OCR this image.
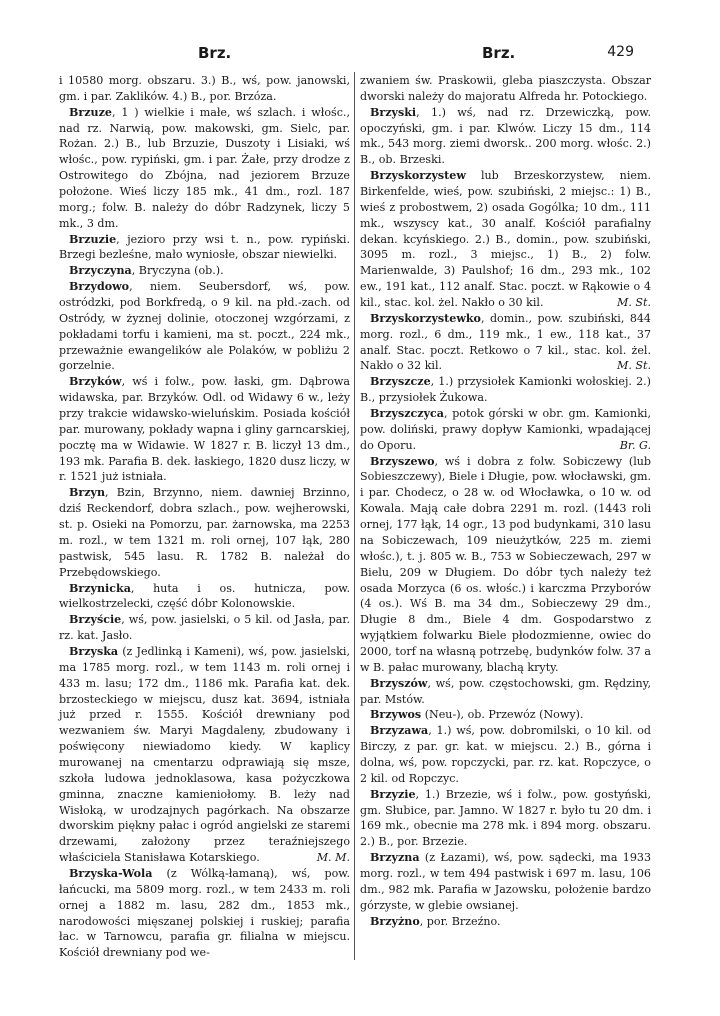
Brz.	Brz.	429

i 10580 morg. obszaru. 3.) B., wś, pow. janowski, gm. i par. Zaklików. 4.) B., por. Brzóza.

Brzuze, 1 ) wielkie i małe, wś szlach. i włośc., nad rz. Narwią, pow. makowski, gm. Sielc, par. Rożan. 2.) B., lub Brzuzie, Duszoty i Lisiaki, wś włośc., pow. rypiński, gm. i par. Żałe, przy drodze z Ostrowitego do Zbójna, nad jeziorem Brzuze położone. Wieś liczy 185 mk., 41 dm., rozl. 187 morg.; folw. B. należy do dóbr Radzynek, liczy 5 mk., 3 dm.

Brzuzie, jezioro przy wsi t. n., pow. rypiński. Brzegi bezleśne, mało wyniosłe, obszar niewielki.

Brzyczyna, Bryczyna (ob.).

Brzydowo, niem. Seubersdorf, wś, pow. ostródzki, pod Borkfredą, o 9 kil. na płd.-zach. od Ostródy, w żyznej dolinie, otoczonej wzgórzami, z pokładami torfu i kamieni, ma st. poczt., 224 mk., przeważnie ewangelików ale Polaków, w pobliżu 2 gorzelnie.

Brzyków, wś i folw., pow. łaski, gm. Dąbrowa widawska, par. Brzyków. Odl. od Widawy 6 w., leży przy trakcie widawsko-wieluńskim. Posiada kościół par. murowany, pokłady wapna i gliny garncarskiej, pocztę ma w Widawie. W 1827 r. B. liczył 13 dm., 193 mk. Parafia B. dek. łaskiego, 1820 dusz liczy, w r. 1521 już istniała.

Brzyn, Bzin, Brzynno, niem. dawniej Brzinno, dziś Reckendorf, dobra szlach., pow. wejherowski, st. p. Osieki na Pomorzu, par. żarnowska, ma 2253 m. rozl., w tem 1321 m. roli ornej, 107 łąk, 280 pastwisk, 545 lasu. R. 1782 B. należał do Przebędowskiego.

Brzynicka, huta i os. hutnicza, pow. wielkostrzelecki, część dóbr Kolonowskie.

Brzyście, wś, pow. jasielski, o 5 kil. od Jasła, par. rz. kat. Jasło.

Brzyska (z Jedlinką i Kameni), wś, pow. jasielski, ma 1785 morg. rozl., w tem 1143 m. roli ornej i 433 m. lasu; 172 dm., 1186 mk. Parafia kat. dek. brzosteckiego w miejscu, dusz kat. 3694, istniała już przed r. 1555. Kościół drewniany pod wezwaniem św. Maryi Magdaleny, zbudowany i poświęcony niewiadomo kiedy. W kaplicy murowanej na cmentarzu odprawiają się msze, szkoła ludowa jednoklasowa, kasa pożyczkowa gminna, znaczne kamieniołomy. B. leży nad Wisłoką, w urodzajnych pagórkach. Na obszarze dworskim piękny pałac i ogród angielski ze staremi drzewami, założony przez teraźniejszego właściciela Stanisława Kotarskiego.	M. M.

Brzyska-Wola (z Wólką-łamaną), wś, pow. łańcucki, ma 5809 morg. rozl., w tem 2433 m. roli ornej a 1882 m. lasu, 282 dm., 1853 mk., narodowości mięszanej polskiej i ruskiej; parafia łac. w Tarnowcu, parafia gr. filialna w miejscu. Kościół drewniany pod we-

zwaniem św. Praskowii, gleba piaszczysta. Obszar dworski należy do majoratu Alfreda hr. Potockiego.

Brzyski, 1.) wś, nad rz. Drzewiczką, pow. opoczyński, gm. i par. Klwów. Liczy 15 dm., 114 mk., 543 morg. ziemi dworsk.. 200 morg. włośc. 2.) B., ob. Brzeski.

Brzyskorzystew lub Brzeskorzystew, niem. Birkenfelde, wieś, pow. szubiński, 2 miejsc.: 1) B., wieś z probostwem, 2) osada Gogólka; 10 dm., 111 mk., wszyscy kat., 30 analf. Kościół parafialny dekan. kcyńskiego. 2.) B., domin., pow. szubiński, 3095 m. rozl., 3 miejsc., 1) B., 2) folw. Marienwalde, 3) Paulshof; 16 dm., 293 mk., 102 ew., 191 kat., 112 analf. Stac. poczt. w Rąkowie o 4 kil., stac. kol. żel. Nakło o 30 kil.	M. St.

Brzyskorzystewko, domin., pow. szubiński, 844 morg. rozl., 6 dm., 119 mk., 1 ew., 118 kat., 37 analf. Stac. poczt. Retkowo o 7 kil., stac. kol. żel. Nakło o 32 kil.	M. St.

Brzyszcze, 1.) przysiołek Kamionki wołoskiej. 2.) B., przysiołek Żukowa.

Brzyszczyca, potok górski w obr. gm. Kamionki, pow. doliński, prawy dopływ Kamionki, wpadającej do Oporu.	Br. G.

Brzyszewo, wś i dobra z folw. Sobiczewy (lub Sobieszczewy), Biele i Długie, pow. włocławski, gm. i par. Chodecz, o 28 w. od Włocławka, o 10 w. od Kowala. Mają całe dobra 2291 m. rozl. (1443 roli ornej, 177 łąk, 14 ogr., 13 pod budynkami, 310 lasu na Sobiczewach, 109 nieużytków, 225 m. ziemi włośc.), t. j. 805 w. B., 753 w Sobieczewach, 297 w Bielu, 209 w Długiem. Do dóbr tych należy też osada Morzyca (6 os. włośc.) i karczma Przyborów (4 os.). Wś B. ma 34 dm., Sobieczewy 29 dm., Długie 8 dm., Biele 4 dm. Gospodarstwo z wyjątkiem folwarku Biele płodozmienne, owiec do 2000, torf na własną potrzebę, budynków folw. 37 a w B. pałac murowany, blachą kryty.

Brzyszów, wś, pow. częstochowski, gm. Rędziny, par. Mstów.

Brzywos (Neu-), ob. Przewóz (Nowy).

Brzyzawa, 1.) wś, pow. dobromilski, o 10 kil. od Birczy, z par. gr. kat. w miejscu. 2.) B., górna i dolna, wś, pow. ropczycki, par. rz. kat. Ropczyce, o 2 kil. od Ropczyc.

Brzyzie, 1.) Brzezie, wś i folw., pow. gostyński, gm. Słubice, par. Jamno. W 1827 r. było tu 20 dm. i 169 mk., obecnie ma 278 mk. i 894 morg. obszaru. 2.) B., por. Brzezie.

Brzyzna (z Łazami), wś, pow. sądecki, ma 1933 morg. rozl., w tem 494 pastwisk i 697 m. lasu, 106 dm., 982 mk. Parafia w Jazowsku, położenie bardzo górzyste, w glebie owsianej.

Brzyżno, por. Brzeźno.
